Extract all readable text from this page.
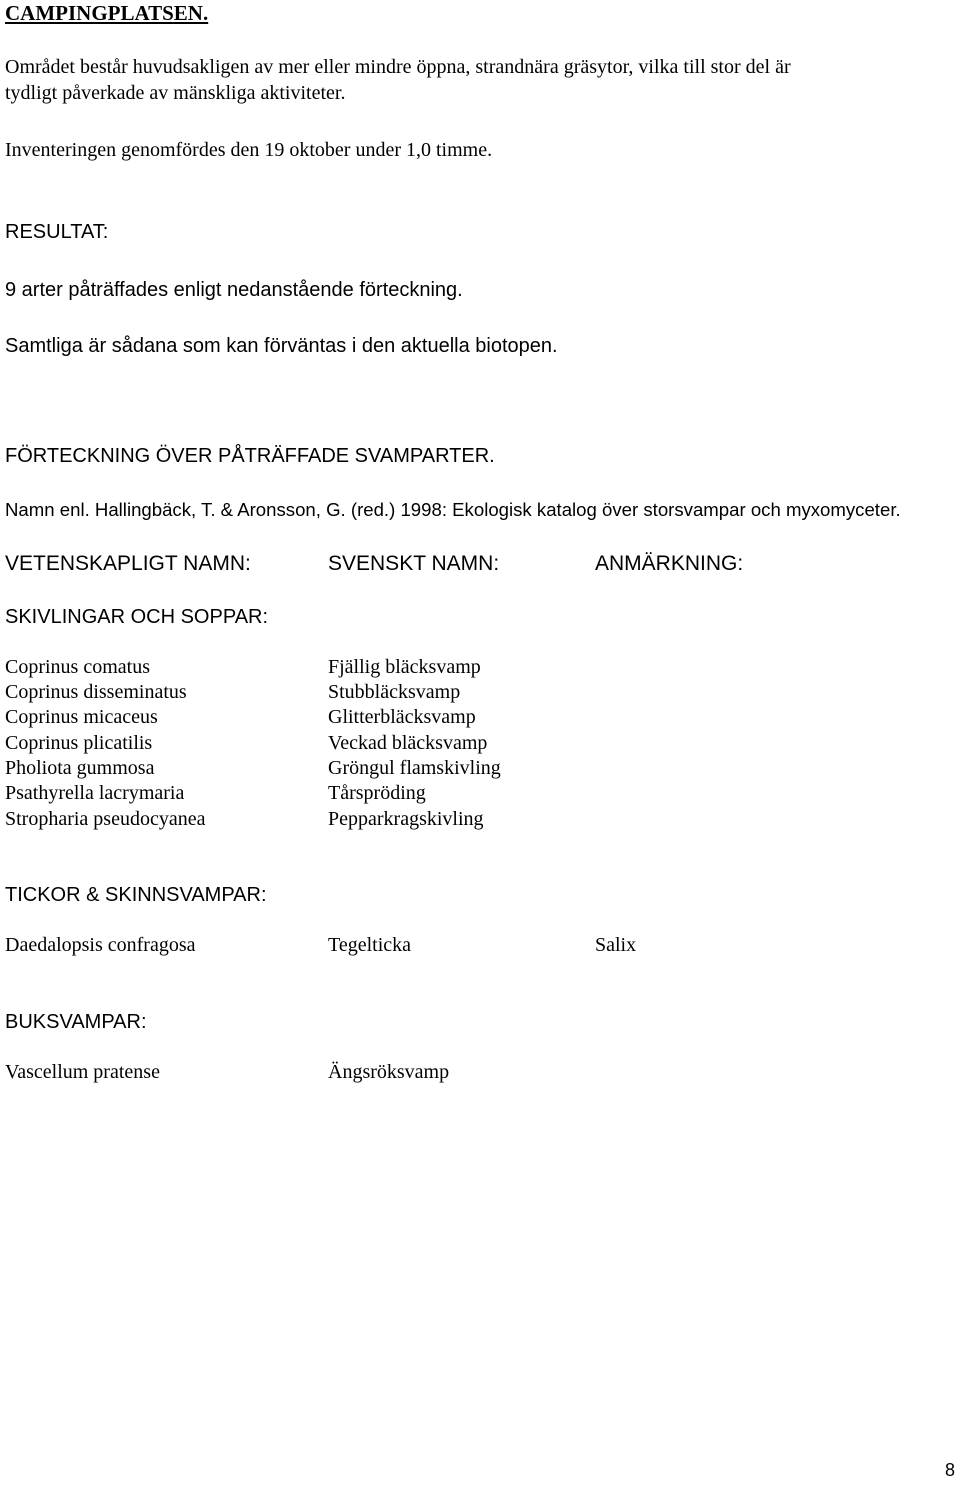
CAMPINGPLATSEN.
Området består huvudsakligen av mer eller mindre öppna, strandnära gräsytor, vilka till stor del är
tydligt påverkade av mänskliga aktiviteter.
Inventeringen genomfördes den 19 oktober under 1,0 timme.
RESULTAT:
9 arter påträffades enligt nedanstående förteckning.
Samtliga är sådana som kan förväntas i den aktuella biotopen.
FÖRTECKNING ÖVER PÅTRÄFFADE SVAMPARTER.
Namn enl. Hallingbäck, T. & Aronsson, G. (red.) 1998: Ekologisk katalog över storsvampar och myxomyceter.
VETENSKAPLIGT NAMN:	SVENSKT NAMN:	ANMÄRKNING:
SKIVLINGAR OCH SOPPAR:
Coprinus comatus	Fjällig bläcksvamp
Coprinus disseminatus	Stubbläcksvamp
Coprinus micaceus	Glitterbläcksvamp
Coprinus plicatilis	Veckad bläcksvamp
Pholiota gummosa	Gröngul flamskivling
Psathyrella lacrymaria	Tårspröding
Stropharia pseudocyanea	Pepparkragskivling
TICKOR & SKINNSVAMPAR:
Daedalopsis confragosa	Tegelticka	Salix
BUKSVAMPAR:
Vascellum pratense	Ängsröksvamp
8
